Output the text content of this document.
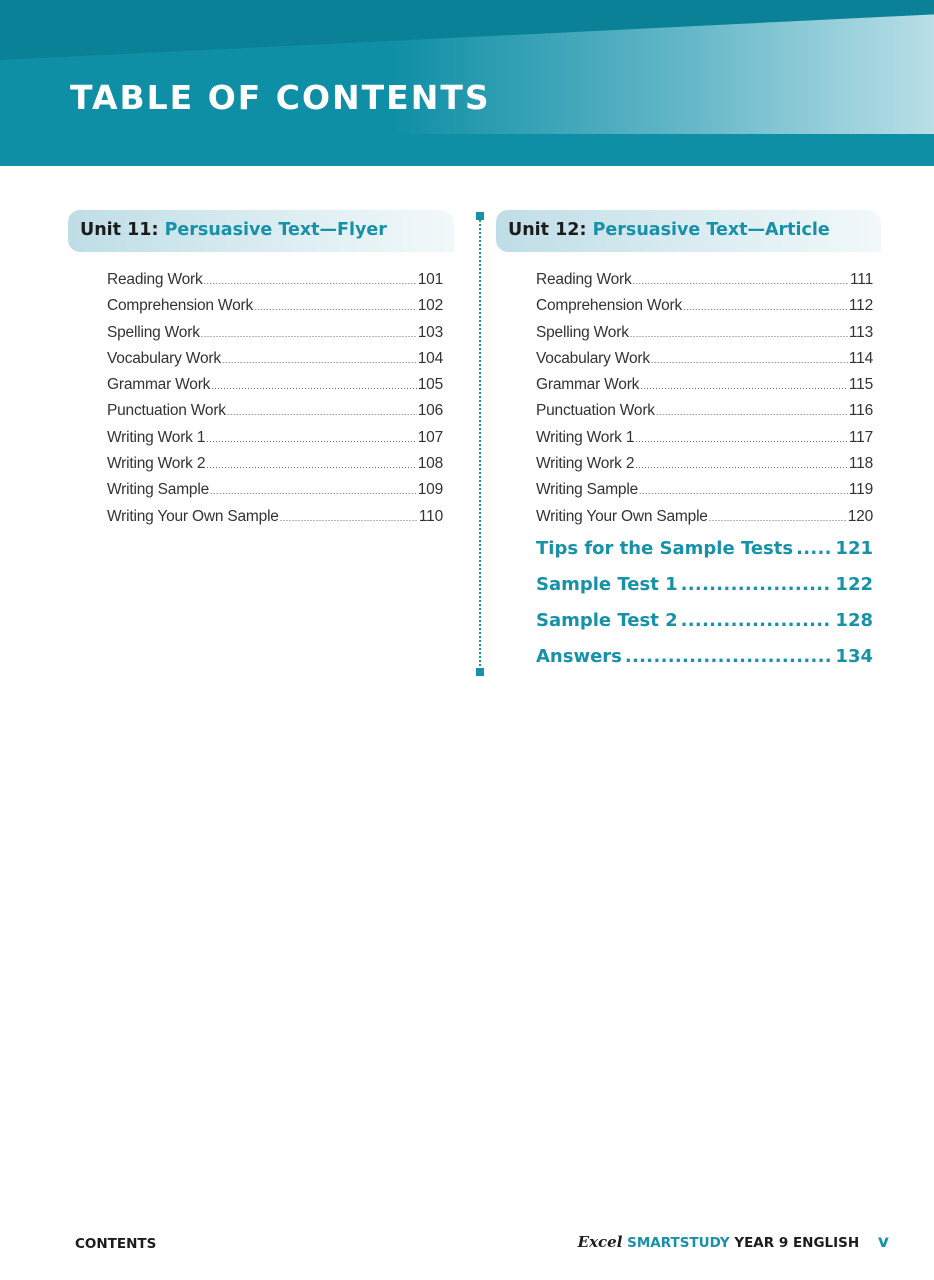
TABLE OF CONTENTS
Unit 11: Persuasive Text—Flyer
Reading Work .....	101
Comprehension Work .....	102
Spelling Work .....	103
Vocabulary Work .....	104
Grammar Work .....	105
Punctuation Work .....	106
Writing Work 1 .....	107
Writing Work 2 .....	108
Writing Sample .....	109
Writing Your Own Sample .....	110
Unit 12: Persuasive Text—Article
Reading Work .....	111
Comprehension Work .....	112
Spelling Work .....	113
Vocabulary Work .....	114
Grammar Work .....	115
Punctuation Work .....	116
Writing Work 1 .....	117
Writing Work 2 .....	118
Writing Sample .....	119
Writing Your Own Sample .....	120
Tips for the Sample Tests ..... 121
Sample Test 1 .....	122
Sample Test 2 .....	128
Answers .....	134
CONTENTS	Excel SMARTSTUDY YEAR 9 ENGLISH v
